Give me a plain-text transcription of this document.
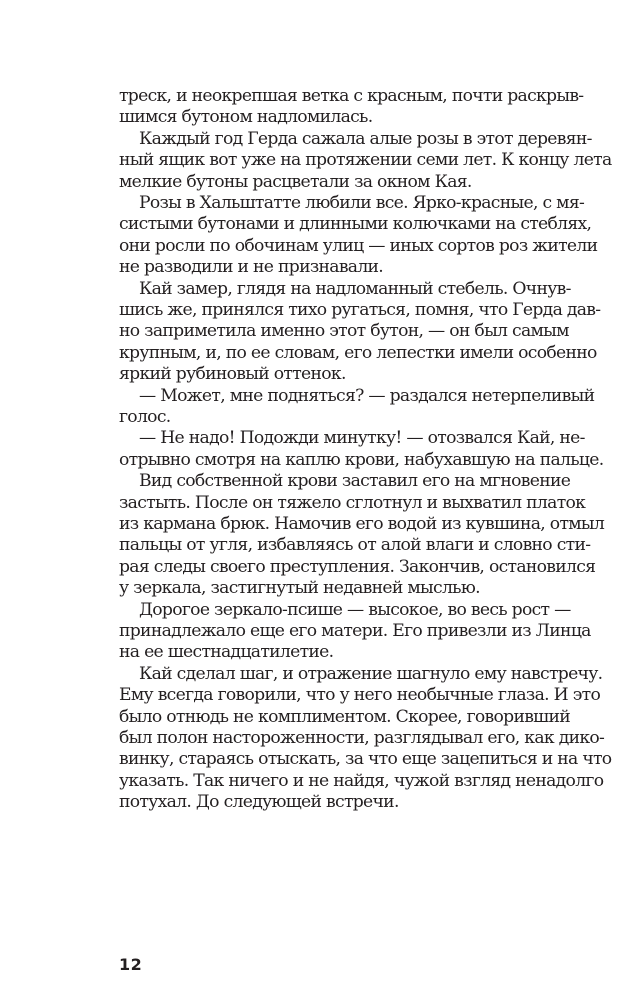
треск, и неокрепшая ветка с красным, почти раскрыв-
шимся бутоном надломилась.
Каждый год Герда сажала алые розы в этот деревян-
ный ящик вот уже на протяжении семи лет. К концу лета
мелкие бутоны расцветали за окном Кая.
Розы в Хальштатте любили все. Ярко-красные, с мя-
систыми бутонами и длинными колючками на стеблях,
они росли по обочинам улиц — иных сортов роз жители
не разводили и не признавали.
Кай замер, глядя на надломанный стебель. Очнув-
шись же, принялся тихо ругаться, помня, что Герда дав-
но заприметила именно этот бутон, — он был самым
крупным, и, по ее словам, его лепестки имели особенно
яркий рубиновый оттенок.
— Может, мне подняться? — раздался нетерпеливый
голос.
— Не надо! Подожди минутку! — отозвался Кай, не-
отрывно смотря на каплю крови, набухавшую на пальце.
Вид собственной крови заставил его на мгновение
застыть. После он тяжело сглотнул и выхватил платок
из кармана брюк. Намочив его водой из кувшина, отмыл
пальцы от угля, избавляясь от алой влаги и словно сти-
рая следы своего преступления. Закончив, остановился
у зеркала, застигнутый недавней мыслью.
Дорогое зеркало-псише — высокое, во весь рост —
принадлежало еще его матери. Его привезли из Линца
на ее шестнадцатилетие.
Кай сделал шаг, и отражение шагнуло ему навстречу.
Ему всегда говорили, что у него необычные глаза. И это
было отнюдь не комплиментом. Скорее, говоривший
был полон настороженности, разглядывал его, как дико-
винку, стараясь отыскать, за что еще зацепиться и на что
указать. Так ничего и не найдя, чужой взгляд ненадолго
потухал. До следующей встречи.
12
